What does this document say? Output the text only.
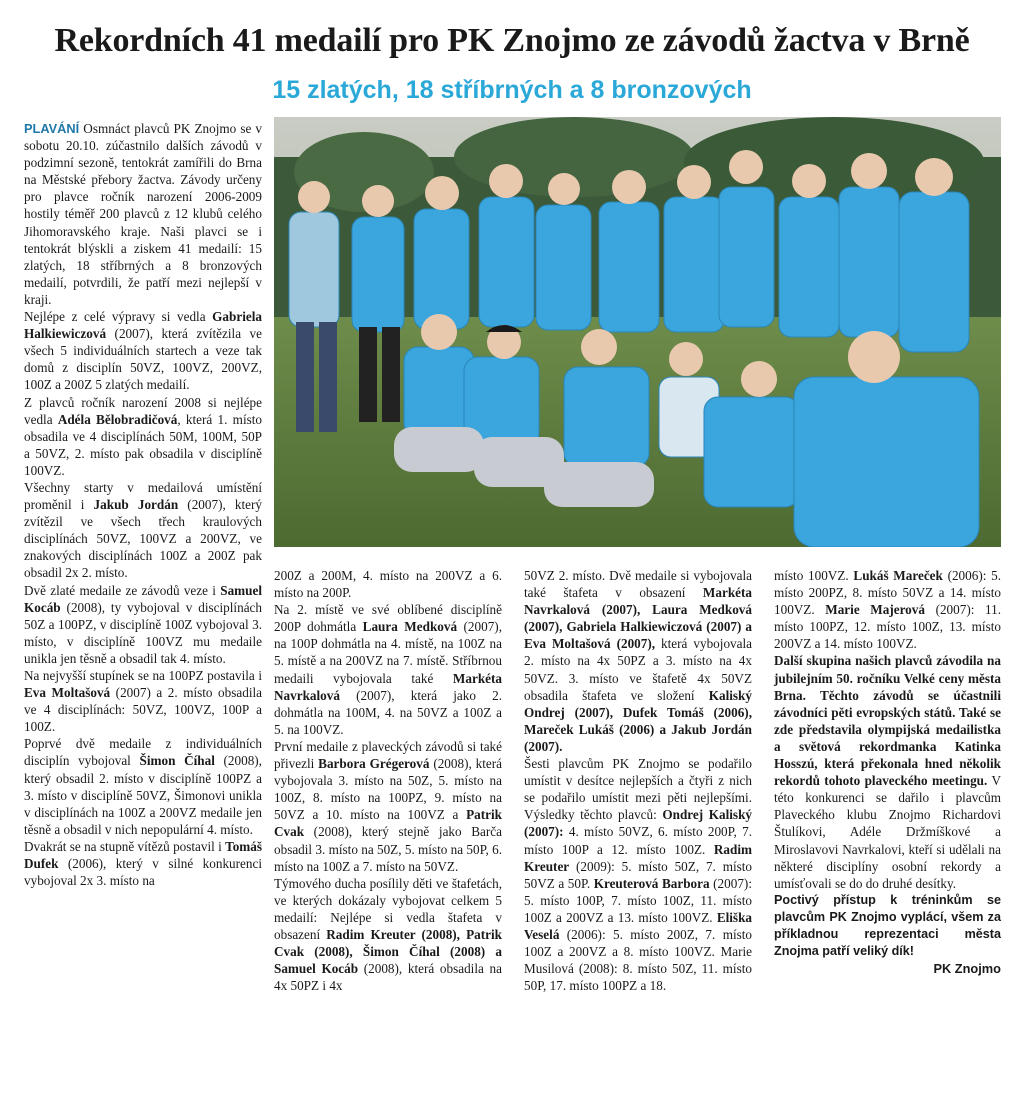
Rekordních 41 medailí pro PK Znojmo ze závodů žactva v Brně
15 zlatých, 18 stříbrných a 8 bronzových

PLAVÁNÍ Osmnáct plavců PK Znojmo se v sobotu 20.10. zúčastnilo dalších závodů v podzimní sezoně, tentokrát zamířili do Brna na Městské přebory žactva. Závody určeny pro plavce ročník narození 2006-2009 hostily téměř 200 plavců z 12 klubů celého Jihomoravského kraje. Naši plavci se i tentokrát blýskli a ziskem 41 medailí: 15 zlatých, 18 stříbrných a 8 bronzových medailí, potvrdili, že patří mezi nejlepší v kraji.

Nejlépe z celé výpravy si vedla Gabriela Halkiewiczová (2007), která zvítězila ve všech 5 individuálních startech a veze tak domů z disciplín 50VZ, 100VZ, 200VZ, 100Z a 200Z 5 zlatých medailí.

Z plavců ročník narození 2008 si nejlépe vedla Adéla Bělobradičová, která 1. místo obsadila ve 4 disciplínách 50M, 100M, 50P a 50VZ, 2. místo pak obsadila v disciplíně 100VZ.

Všechny starty v medailová umístění proměnil i Jakub Jordán (2007), který zvítězil ve všech třech kraulových disciplínách 50VZ, 100VZ a 200VZ, ve znakových disciplínách 100Z a 200Z pak obsadil 2x 2. místo.

Dvě zlaté medaile ze závodů veze i Samuel Kocáb (2008), ty vybojoval v disciplínách 50Z a 100PZ, v disciplíně 100Z vybojoval 3. místo, v disciplíně 100VZ mu medaile unikla jen těsně a obsadil tak 4. místo.

Na nejvyšší stupínek se na 100PZ postavila i Eva Moltašová (2007) a 2. místo obsadila ve 4 disciplínách: 50VZ, 100VZ, 100P a 100Z.

Poprvé dvě medaile z individuálních disciplín vybojoval Šimon Číhal (2008), který obsadil 2. místo v disciplíně 100PZ a 3. místo v disciplíně 50VZ, Šimonovi unikla v disciplínách na 100Z a 200VZ medaile jen těsně a obsadil v nich nepopulární 4. místo.

Dvakrát se na stupně vítězů postavil i Tomáš Dufek (2006), který v silné konkurenci vybojoval 2x 3. místo na

200Z a 200M, 4. místo na 200VZ a 6. místo na 200P.

Na 2. místě ve své oblíbené disciplíně 200P dohmátla Laura Medková (2007), na 100P dohmátla na 4. místě, na 100Z na 5. místě a na 200VZ na 7. místě. Stříbrnou medaili vybojovala také Markéta Navrkalová (2007), která jako 2. dohmátla na 100M, 4. na 50VZ a 100Z a 5. na 100VZ.

První medaile z plaveckých závodů si také přivezli Barbora Grégerová (2008), která vybojovala 3. místo na 50Z, 5. místo na 100Z, 8. místo na 100PZ, 9. místo na 50VZ a 10. místo na 100VZ a Patrik Cvak (2008), který stejně jako Barča obsadil 3. místo na 50Z, 5. místo na 50P, 6. místo na 100Z a 7. místo na 50VZ.

Týmového ducha posílily děti ve štafetách, ve kterých dokázaly vybojovat celkem 5 medailí: Nejlépe si vedla štafeta v obsazení Radim Kreuter (2008), Patrik Cvak (2008), Šimon Číhal (2008) a Samuel Kocáb (2008), která obsadila na 4x 50PZ i 4x

50VZ 2. místo. Dvě medaile si vybojovala také štafeta v obsazení Markéta Navrkalová (2007), Laura Medková (2007), Gabriela Halkiewiczová (2007) a Eva Moltašová (2007), která vybojovala 2. místo na 4x 50PZ a 3. místo na 4x 50VZ. 3. místo ve štafetě 4x 50VZ obsadila štafeta ve složení Kaliský Ondrej (2007), Dufek Tomáš (2006), Mareček Lukáš (2006) a Jakub Jordán (2007).

Šesti plavcům PK Znojmo se podařilo umístit v desítce nejlepších a čtyři z nich se podařilo umístit mezi pěti nejlepšími. Výsledky těchto plavců: Ondrej Kaliský (2007): 4. místo 50VZ, 6. místo 200P, 7. místo 100P a 12. místo 100Z. Radim Kreuter (2009): 5. místo 50Z, 7. místo 50VZ a 50P. Kreuterová Barbora (2007): 5. místo 100P, 7. místo 100Z, 11. místo 100Z a 200VZ a 13. místo 100VZ. Eliška Veselá (2006): 5. místo 200Z, 7. místo 100Z a 200VZ a 8. místo 100VZ. Marie Musilová (2008): 8. místo 50Z, 11. místo 50P, 17. místo 100PZ a 18.

místo 100VZ. Lukáš Mareček (2006): 5. místo 200PZ, 8. místo 50VZ a 14. místo 100VZ. Marie Majerová (2007): 11. místo 100PZ, 12. místo 100Z, 13. místo 200VZ a 14. místo 100VZ.

Další skupina našich plavců závodila na jubilejním 50. ročníku Velké ceny města Brna. Těchto závodů se účastnili závodníci pěti evropských států. Také se zde představila olympijská medailistka a světová rekordmanka Katinka Hosszú, která překonala hned několik rekordů tohoto plaveckého meetingu. V této konkurenci se dařilo i plavcům Plaveckého klubu Znojmo Richardovi Štulíkovi, Adéle Držmíškové a Miroslavovi Navrkalovi, kteří si udělali na některé disciplíny osobní rekordy a umísťovali se do do druhé desítky.

Poctivý přístup k tréninkům se plavcům PK Znojmo vyplácí, všem za příkladnou reprezentaci města Znojma patří veliký dík!

PK Znojmo
